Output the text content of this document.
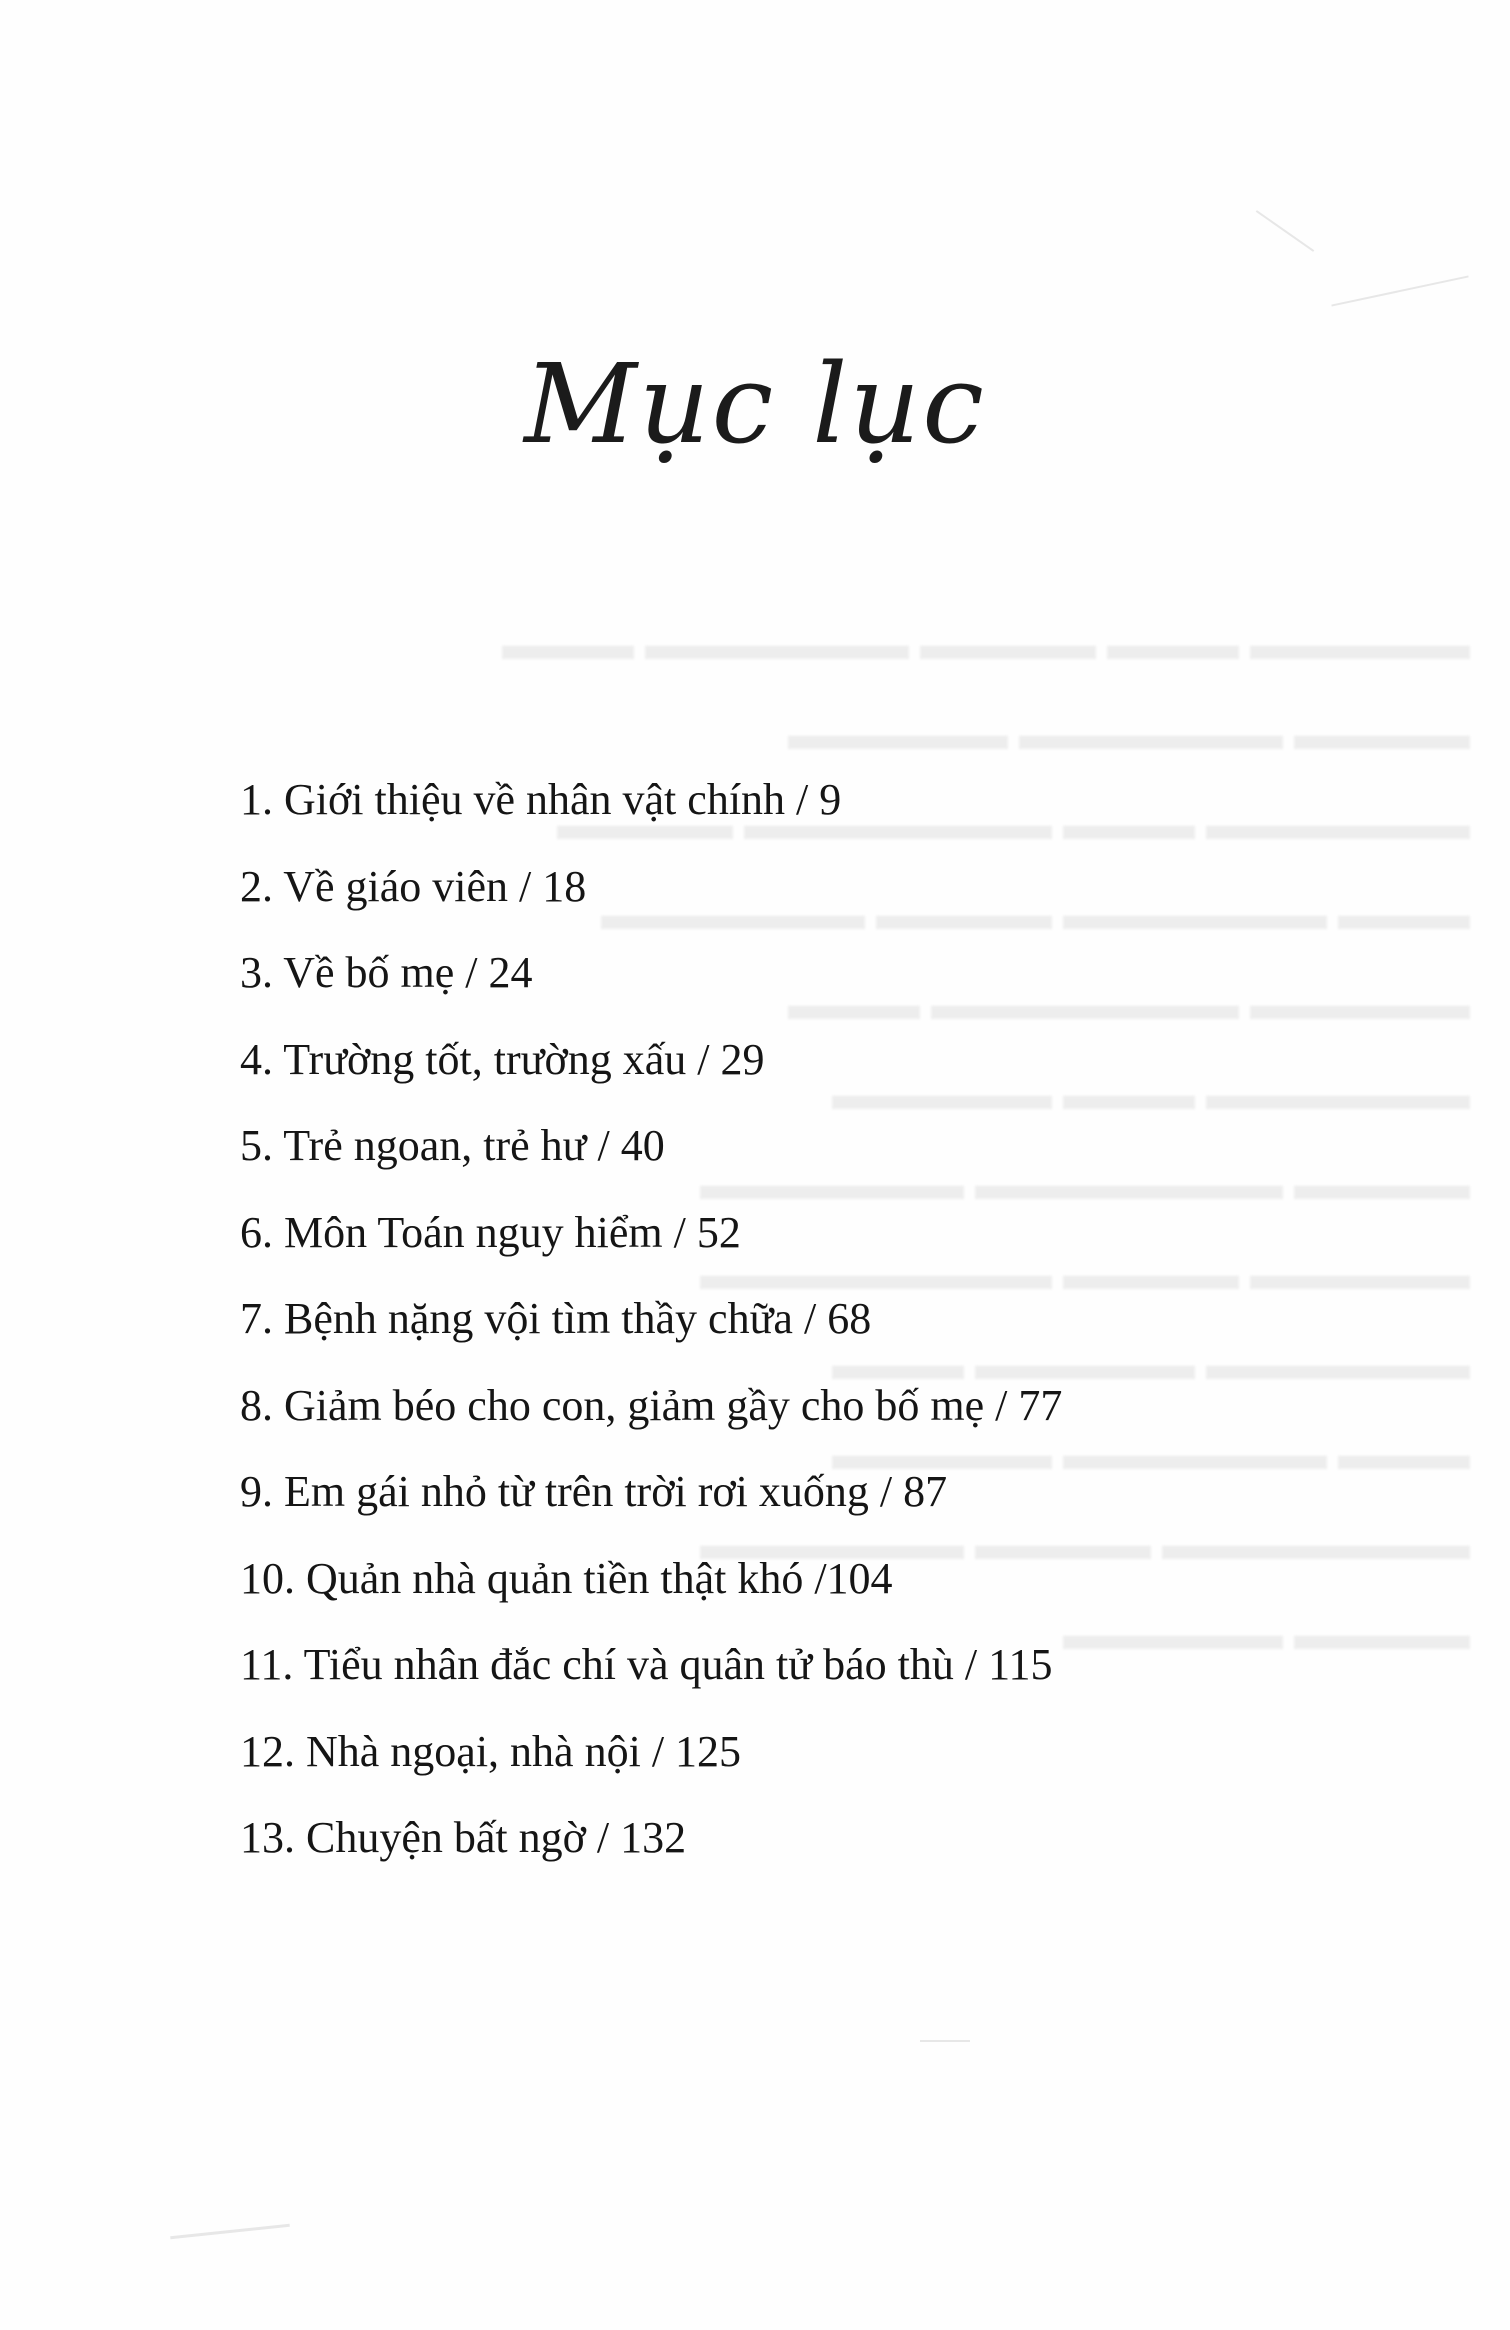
▬▬▬▬▬ ▬▬▬ ▬▬▬▬ ▬▬▬▬▬▬ ▬▬▬
▬▬▬▬ ▬▬▬▬▬▬ ▬▬▬▬▬
▬▬▬▬▬▬ ▬▬▬ ▬▬▬▬▬▬▬ ▬▬▬▬
▬▬▬ ▬▬▬▬▬▬ ▬▬▬▬ ▬▬▬▬▬▬
▬▬▬▬▬ ▬▬▬▬▬▬▬ ▬▬▬
▬▬▬▬▬▬ ▬▬▬ ▬▬▬▬▬
▬▬▬▬ ▬▬▬▬▬▬▬ ▬▬▬▬▬▬
▬▬▬▬▬ ▬▬▬▬ ▬▬▬▬▬▬▬▬
▬▬▬▬▬▬ ▬▬▬▬▬ ▬▬▬
▬▬▬ ▬▬▬▬▬▬ ▬▬▬▬▬
▬▬▬▬▬▬▬ ▬▬▬▬ ▬▬▬▬▬▬
▬▬▬▬ ▬▬▬▬▬
Mục lục
1. Giới thiệu về nhân vật chính / 9
2. Về giáo viên / 18
3. Về bố mẹ / 24
4. Trường tốt, trường xấu / 29
5. Trẻ ngoan, trẻ hư / 40
6. Môn Toán nguy hiểm / 52
7. Bệnh nặng vội tìm thầy chữa / 68
8. Giảm béo cho con, giảm gầy cho bố mẹ / 77
9. Em gái nhỏ từ trên trời rơi xuống / 87
10. Quản nhà quản tiền thật khó /104
11. Tiểu nhân đắc chí và quân tử báo thù / 115
12. Nhà ngoại, nhà nội / 125
13. Chuyện bất ngờ / 132
